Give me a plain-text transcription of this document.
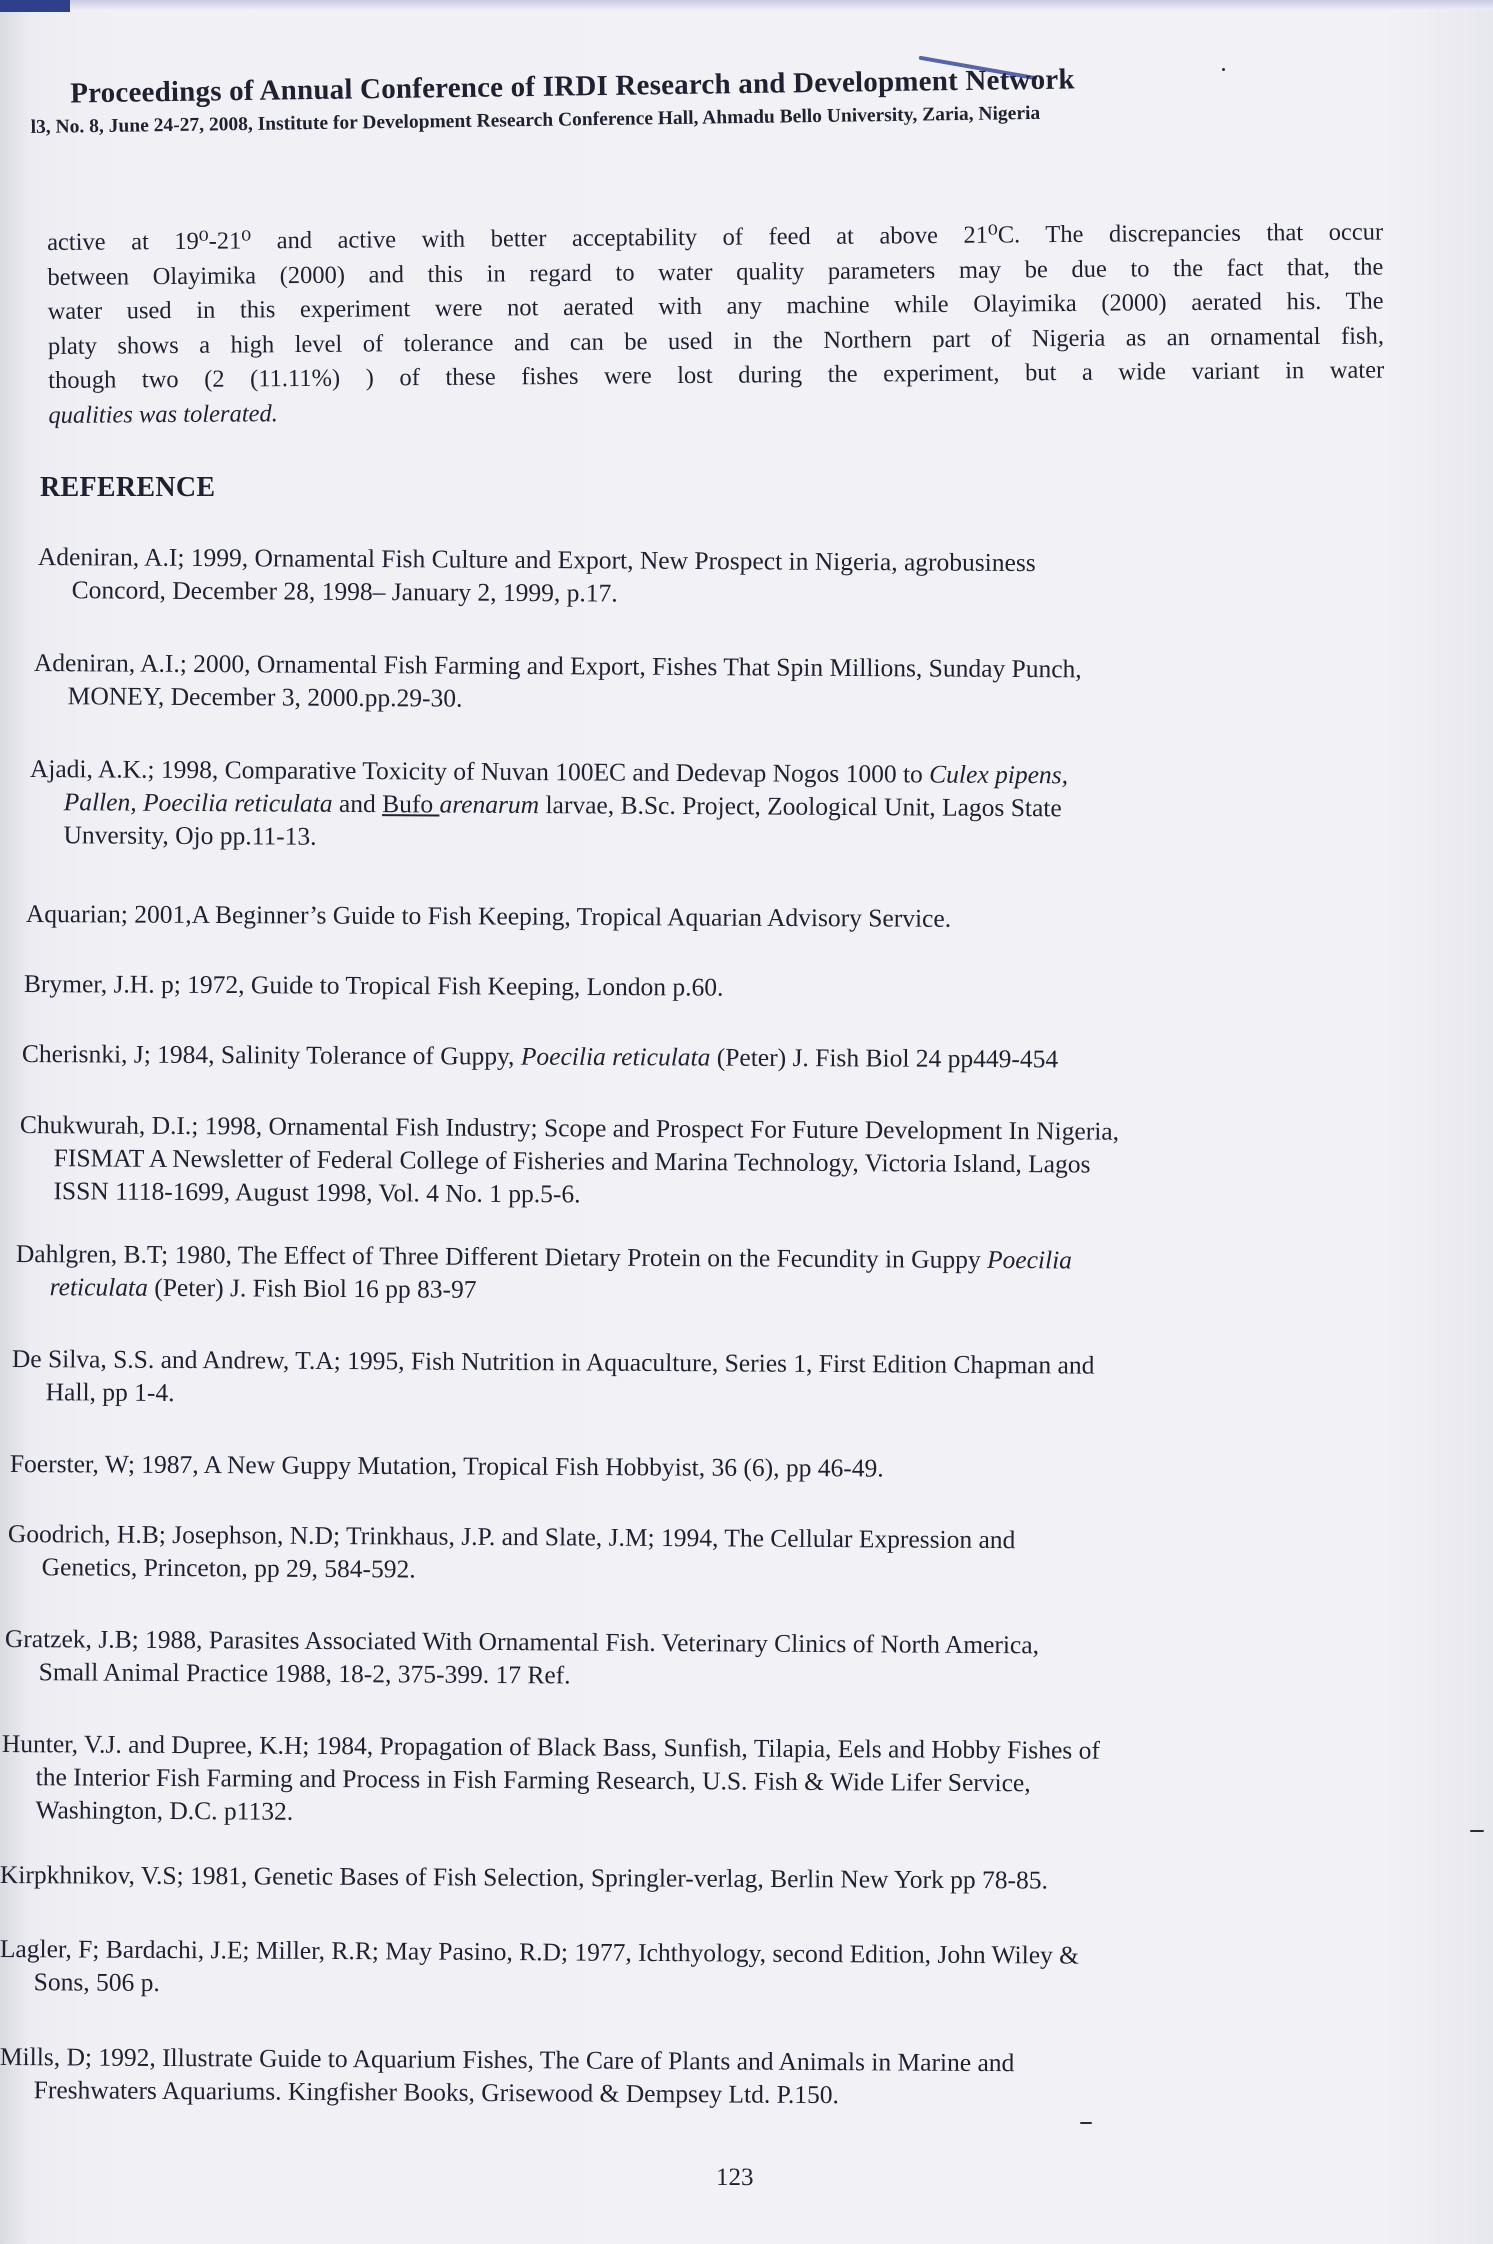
Proceedings of Annual Conference of IRDI Research and Development Network
l3, No. 8, June 24-27, 2008, Institute for Development Research Conference Hall, Ahmadu Bello University, Zaria, Nigeria
active at 19⁰-21⁰ and active with better acceptability of feed at above 21⁰C. The discrepancies that occur
between Olayimika (2000) and this in regard to water quality parameters may be due to the fact that, the
water used in this experiment were not aerated with any machine while Olayimika (2000) aerated his. The
platy shows a high level of tolerance and can be used in the Northern part of Nigeria as an ornamental fish,
though two (2 (11.11%) ) of these fishes were lost during the experiment, but a wide variant in water
qualities was tolerated.
REFERENCE
Adeniran, A.I; 1999, Ornamental Fish Culture and Export, New Prospect in Nigeria, agrobusiness
Concord, December 28, 1998– January 2, 1999, p.17.
Adeniran, A.I.; 2000, Ornamental Fish Farming and Export, Fishes That Spin Millions, Sunday Punch,
MONEY, December 3, 2000.pp.29-30.
Ajadi, A.K.; 1998, Comparative Toxicity of Nuvan 100EC and Dedevap Nogos 1000 to Culex pipens,
Pallen, Poecilia reticulata and Bufo arenarum larvae, B.Sc. Project, Zoological Unit, Lagos State
Unversity, Ojo pp.11-13.
Aquarian; 2001,A Beginner’s Guide to Fish Keeping, Tropical Aquarian Advisory Service.
Brymer, J.H. p; 1972, Guide to Tropical Fish Keeping, London p.60.
Cherisnki, J; 1984, Salinity Tolerance of Guppy, Poecilia reticulata (Peter) J. Fish Biol 24 pp449-454
Chukwurah, D.I.; 1998, Ornamental Fish Industry; Scope and Prospect For Future Development In Nigeria,
FISMAT A Newsletter of Federal College of Fisheries and Marina Technology, Victoria Island, Lagos
ISSN 1118-1699, August 1998, Vol. 4 No. 1 pp.5-6.
Dahlgren, B.T; 1980, The Effect of Three Different Dietary Protein on the Fecundity in Guppy Poecilia
reticulata (Peter) J. Fish Biol 16 pp 83-97
De Silva, S.S. and Andrew, T.A; 1995, Fish Nutrition in Aquaculture, Series 1, First Edition Chapman and
Hall, pp 1-4.
Foerster, W; 1987, A New Guppy Mutation, Tropical Fish Hobbyist, 36 (6), pp 46-49.
Goodrich, H.B; Josephson, N.D; Trinkhaus, J.P. and Slate, J.M; 1994, The Cellular Expression and
Genetics, Princeton, pp 29, 584-592.
Gratzek, J.B; 1988, Parasites Associated With Ornamental Fish. Veterinary Clinics of North America,
Small Animal Practice 1988, 18-2, 375-399. 17 Ref.
Hunter, V.J. and Dupree, K.H; 1984, Propagation of Black Bass, Sunfish, Tilapia, Eels and Hobby Fishes of
the Interior Fish Farming and Process in Fish Farming Research, U.S. Fish & Wide Lifer Service,
Washington, D.C. p1132.
Kirpkhnikov, V.S; 1981, Genetic Bases of Fish Selection, Springler-verlag, Berlin New York pp 78-85.
Lagler, F; Bardachi, J.E; Miller, R.R; May Pasino, R.D; 1977, Ichthyology, second Edition, John Wiley &
Sons, 506 p.
Mills, D; 1992, Illustrate Guide to Aquarium Fishes, The Care of Plants and Animals in Marine and
Freshwaters Aquariums. Kingfisher Books, Grisewood & Dempsey Ltd. P.150.
123
